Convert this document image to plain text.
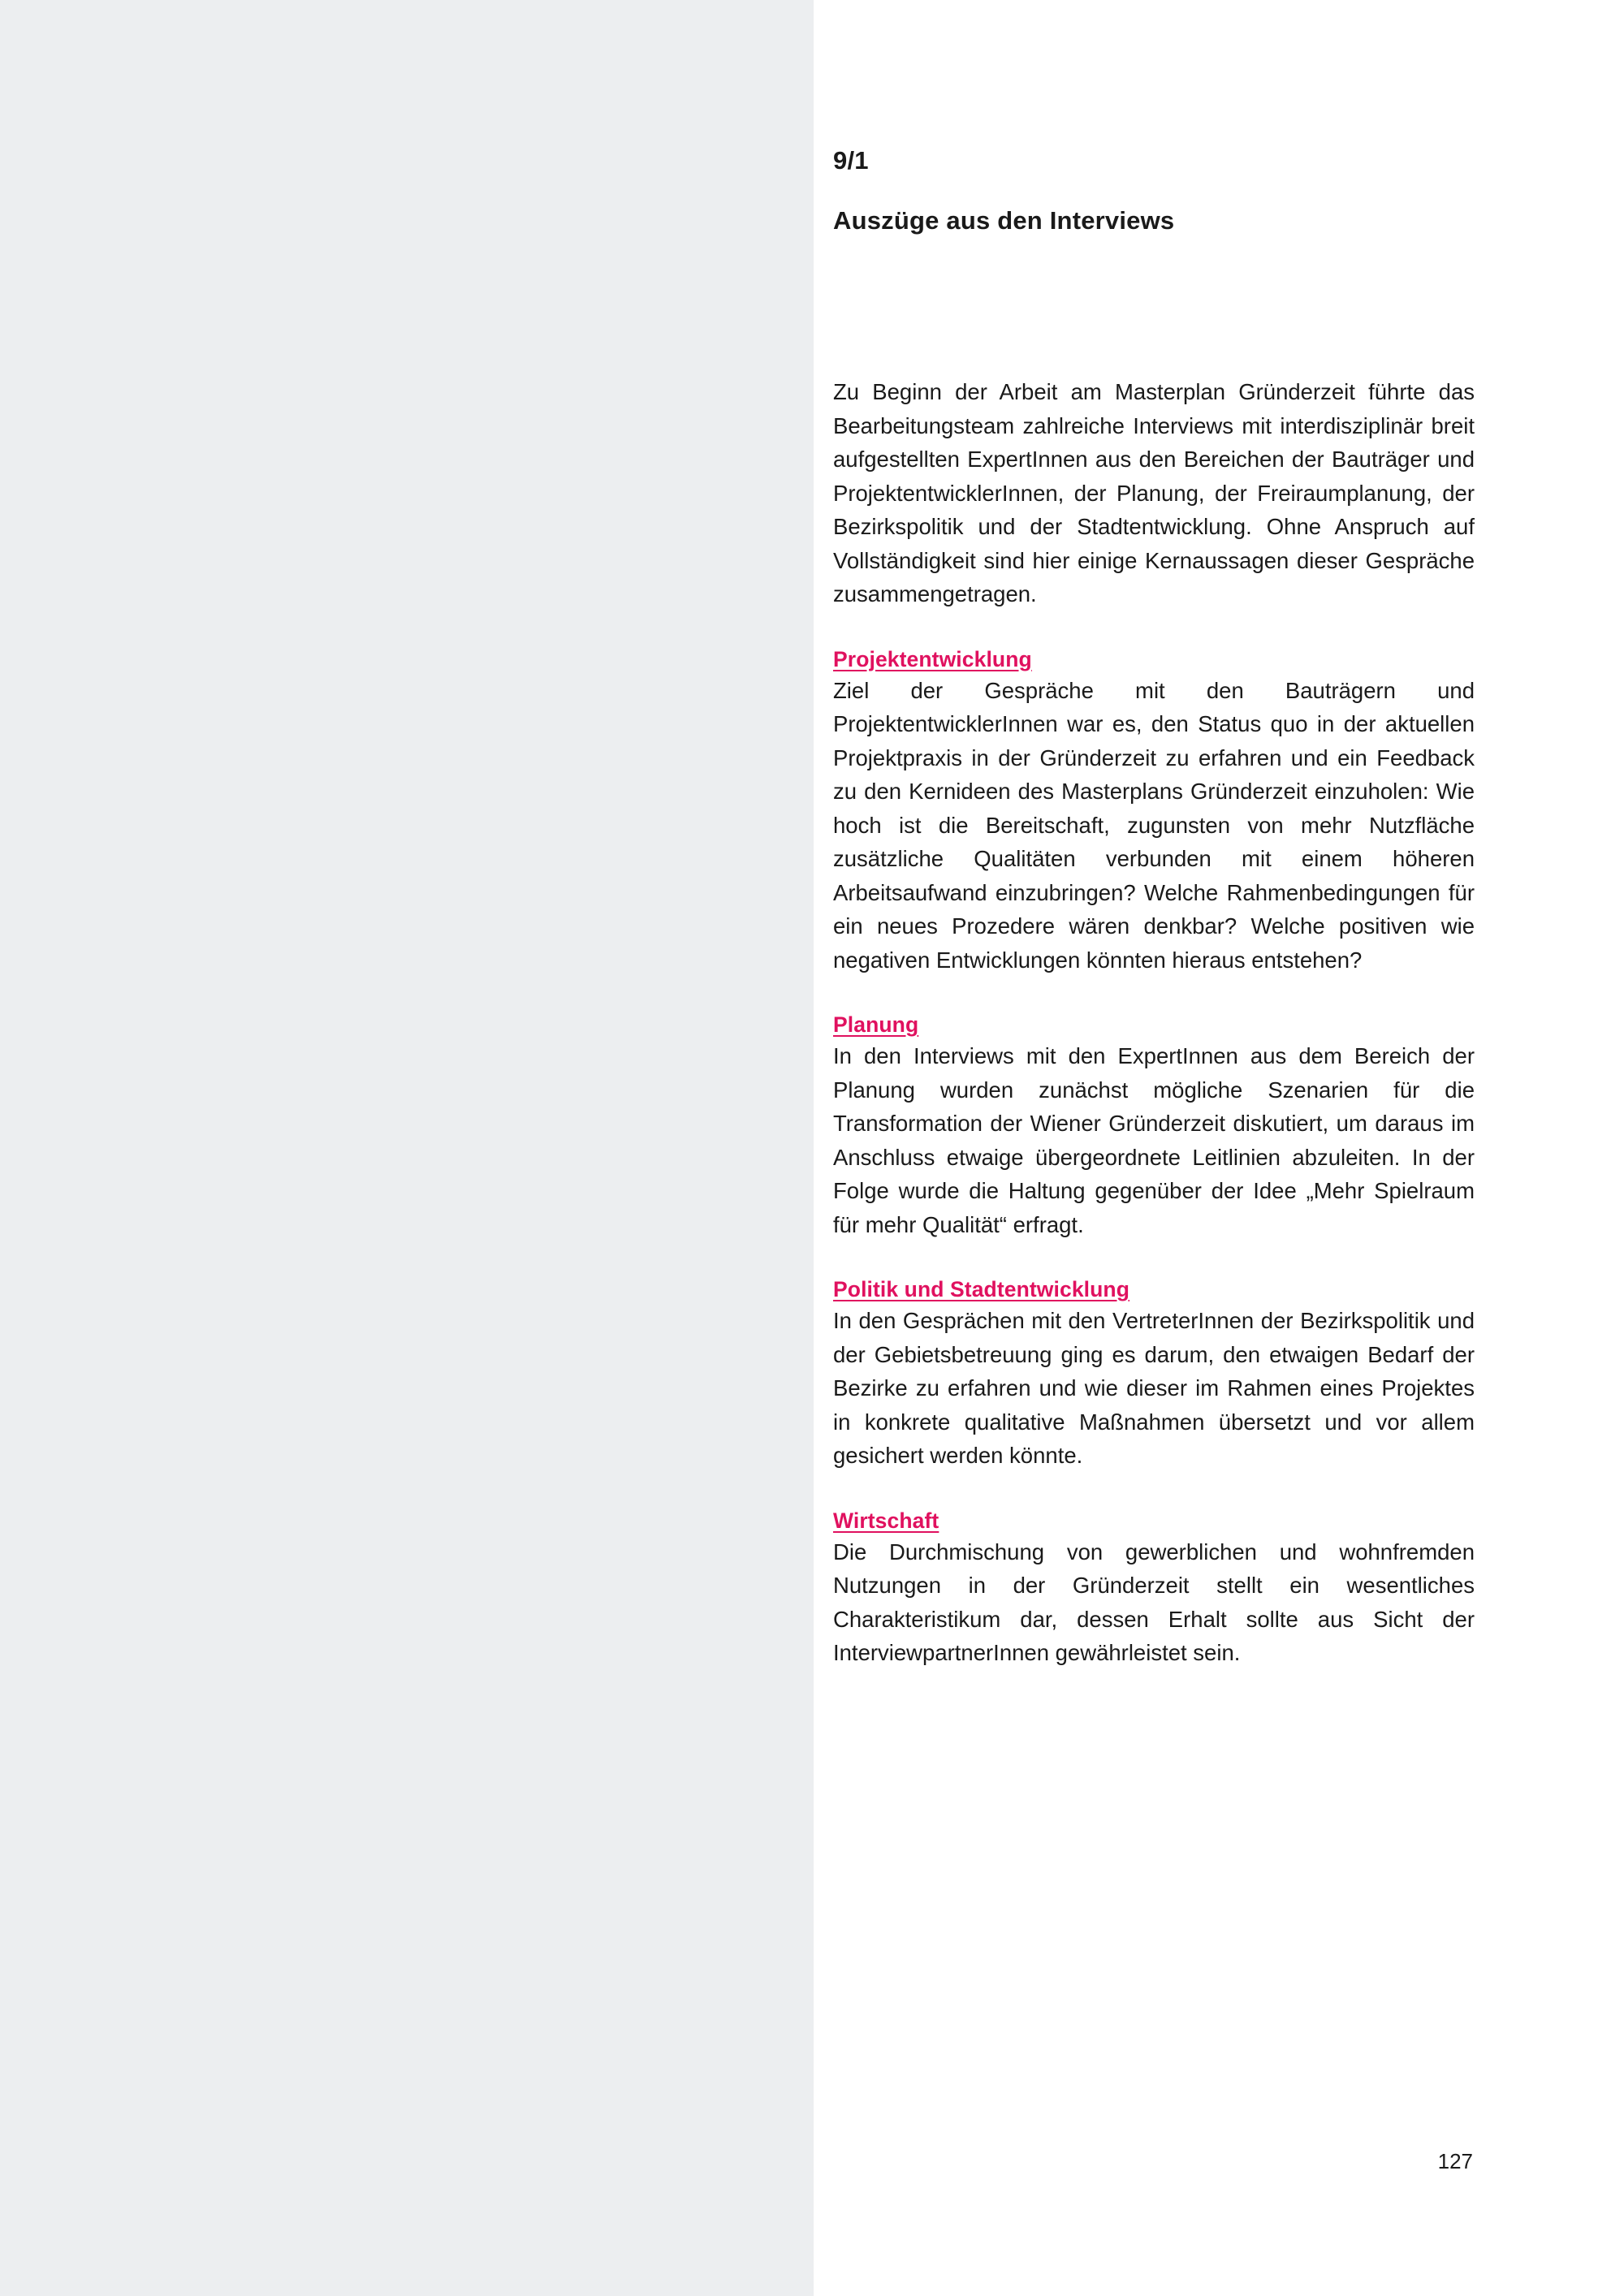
9/1
Auszüge aus den Interviews

Zu Beginn der Arbeit am Masterplan Gründerzeit führte das Bearbeitungsteam zahlreiche Interviews mit interdisziplinär breit aufgestellten ExpertInnen aus den Bereichen der Bauträger und ProjektentwicklerInnen, der Planung, der Freiraumplanung, der Bezirkspolitik und der Stadtentwicklung. Ohne Anspruch auf Vollständigkeit sind hier einige Kernaussagen dieser Gespräche zusammengetragen.

Projektentwicklung

Ziel der Gespräche mit den Bauträgern und ProjektentwicklerInnen war es, den Status quo in der aktuellen Projektpraxis in der Gründerzeit zu erfahren und ein Feedback zu den Kernideen des Masterplans Gründerzeit einzuholen: Wie hoch ist die Bereitschaft, zugunsten von mehr Nutzfläche zusätzliche Qualitäten verbunden mit einem höheren Arbeitsaufwand einzubringen? Welche Rahmenbedingungen für ein neues Prozedere wären denkbar? Welche positiven wie negativen Entwicklungen könnten hieraus entstehen?

Planung

In den Interviews mit den ExpertInnen aus dem Bereich der Planung wurden zunächst mögliche Szenarien für die Transformation der Wiener Gründerzeit diskutiert, um daraus im Anschluss etwaige übergeordnete Leitlinien abzuleiten. In der Folge wurde die Haltung gegenüber der Idee „Mehr Spielraum für mehr Qualität“ erfragt.

Politik und Stadtentwicklung

In den Gesprächen mit den VertreterInnen der Bezirkspolitik und der Gebietsbetreuung ging es darum, den etwaigen Bedarf der Bezirke zu erfahren und wie dieser im Rahmen eines Projektes in konkrete qualitative Maßnahmen übersetzt und vor allem gesichert werden könnte.

Wirtschaft

Die Durchmischung von gewerblichen und wohnfremden Nutzungen in der Gründerzeit stellt ein wesentliches Charakteristikum dar, dessen Erhalt sollte aus Sicht der InterviewpartnerInnen gewährleistet sein.

127
